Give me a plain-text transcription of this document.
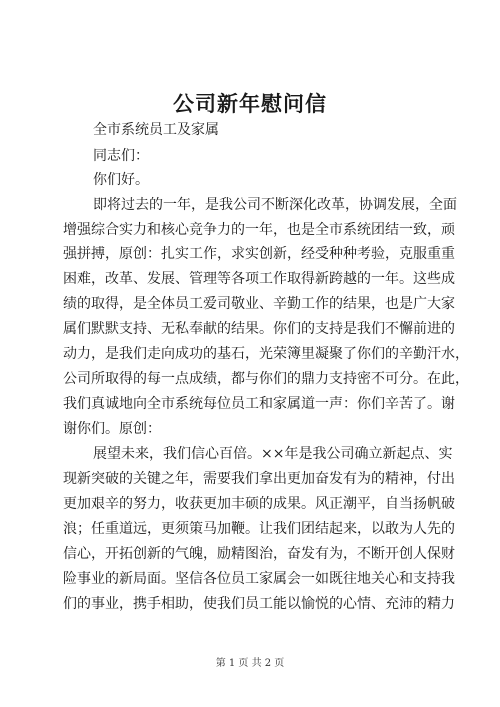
公司新年慰问信
全市系统员工及家属
同志们：
你们好。
即将过去的一年，是我公司不断深化改革，协调发展，全面
增强综合实力和核心竞争力的一年，也是全市系统团结一致，顽
强拼搏，原创：扎实工作，求实创新，经受种种考验，克服重重
困难，改革、发展、管理等各项工作取得新跨越的一年。这些成
绩的取得，是全体员工爱司敬业、辛勤工作的结果，也是广大家
属们默默支持、无私奉献的结果。你们的支持是我们不懈前进的
动力，是我们走向成功的基石，光荣簿里凝聚了你们的辛勤汗水，
公司所取得的每一点成绩，都与你们的鼎力支持密不可分。在此，
我们真诚地向全市系统每位员工和家属道一声：你们辛苦了。谢
谢你们。原创：
展望未来，我们信心百倍。××年是我公司确立新起点、实
现新突破的关键之年，需要我们拿出更加奋发有为的精神，付出
更加艰辛的努力，收获更加丰硕的成果。风正潮平，自当扬帆破
浪；任重道远，更须策马加鞭。让我们团结起来，以敢为人先的
信心，开拓创新的气魄，励精图治，奋发有为，不断开创人保财
险事业的新局面。坚信各位员工家属会一如既往地关心和支持我
们的事业，携手相助，使我们员工能以愉悦的心情、充沛的精力
第 1 页 共 2 页
